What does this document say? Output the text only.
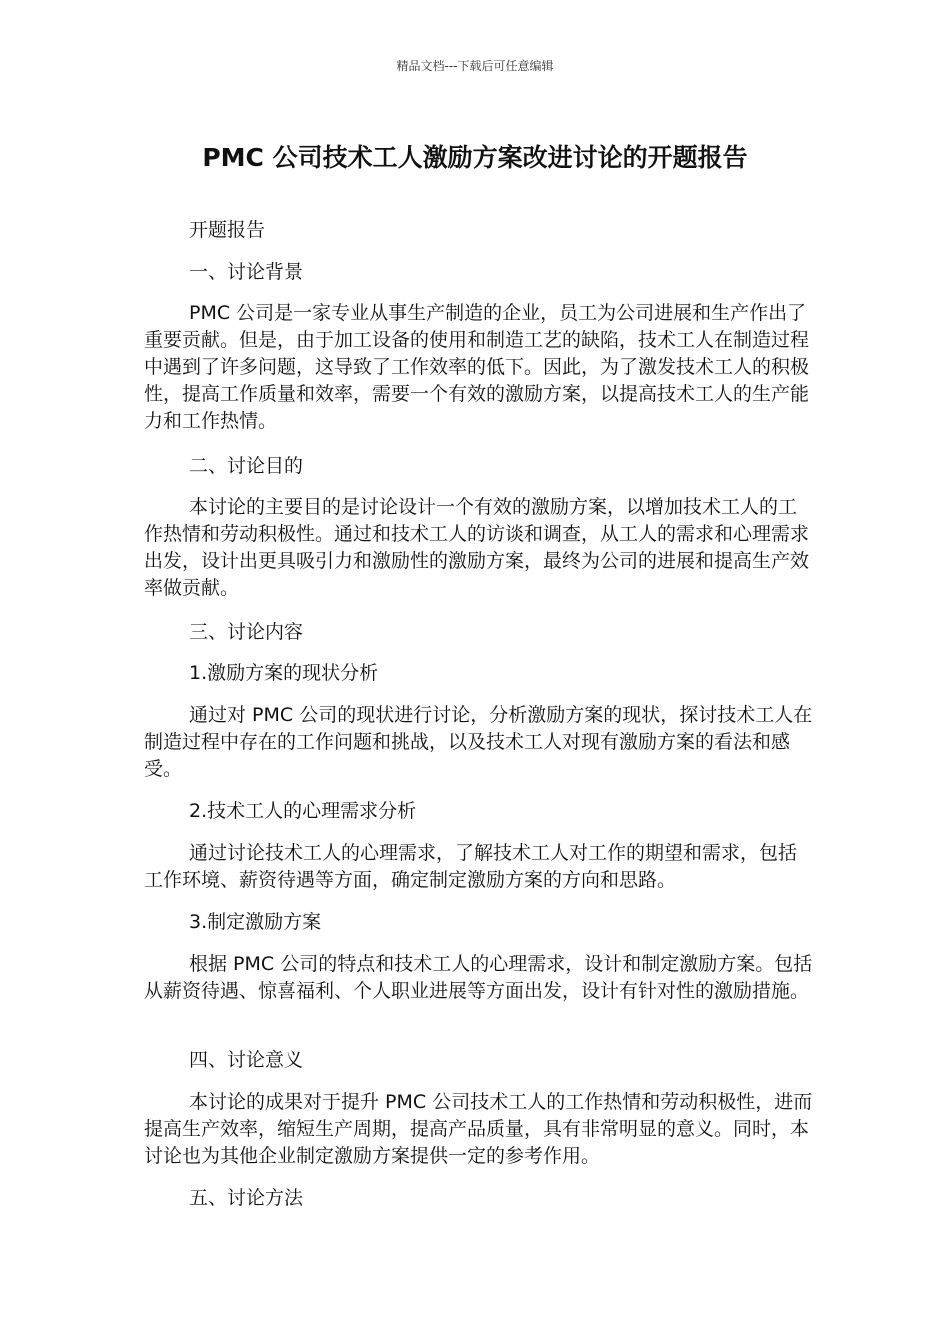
精品文档---下载后可任意编辑
PMC 公司技术工人激励方案改进讨论的开题报告

开题报告

一、讨论背景

PMC 公司是一家专业从事生产制造的企业，员工为公司进展和生产作出了重要贡献。但是，由于加工设备的使用和制造工艺的缺陷，技术工人在制造过程中遇到了许多问题，这导致了工作效率的低下。因此，为了激发技术工人的积极性，提高工作质量和效率，需要一个有效的激励方案，以提高技术工人的生产能力和工作热情。

二、讨论目的

本讨论的主要目的是讨论设计一个有效的激励方案，以增加技术工人的工作热情和劳动积极性。通过和技术工人的访谈和调查，从工人的需求和心理需求出发，设计出更具吸引力和激励性的激励方案，最终为公司的进展和提高生产效率做贡献。

三、讨论内容

1.激励方案的现状分析

通过对 PMC 公司的现状进行讨论，分析激励方案的现状，探讨技术工人在制造过程中存在的工作问题和挑战，以及技术工人对现有激励方案的看法和感受。

2.技术工人的心理需求分析

通过讨论技术工人的心理需求，了解技术工人对工作的期望和需求，包括工作环境、薪资待遇等方面，确定制定激励方案的方向和思路。

3.制定激励方案

根据 PMC 公司的特点和技术工人的心理需求，设计和制定激励方案。包括从薪资待遇、惊喜福利、个人职业进展等方面出发，设计有针对性的激励措施。

四、讨论意义

本讨论的成果对于提升 PMC 公司技术工人的工作热情和劳动积极性，进而提高生产效率，缩短生产周期，提高产品质量，具有非常明显的意义。同时，本讨论也为其他企业制定激励方案提供一定的参考作用。

五、讨论方法
